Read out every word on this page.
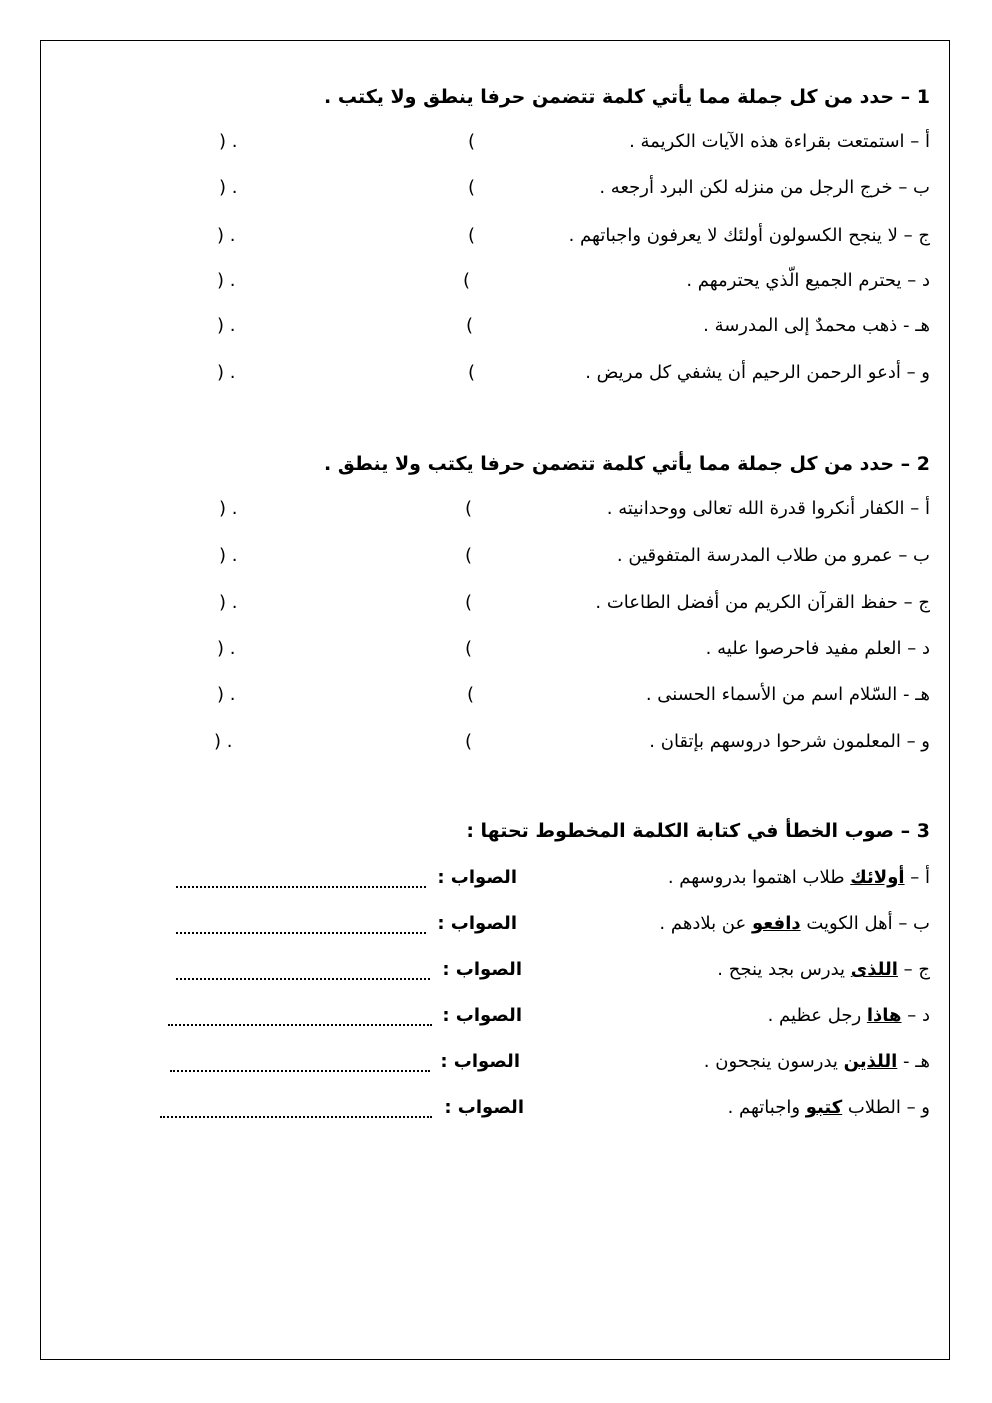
1 – حدد من كل جملة مما يأتي كلمة تتضمن حرفا ينطق ولا يكتب .
أ – استمتعت بقراءة هذه الآيات الكريمة .
(
) .
ب – خرج الرجل من منزله لكن البرد أرجعه .
(
) .
ج – لا ينجح الكسولون أولئك لا يعرفون واجباتهم .
(
) .
د – يحترم الجميع الّذي يحترمهم .
(
) .
هـ - ذهب محمدٌ إلى المدرسة .
(
) .
و – أدعو الرحمن الرحيم أن يشفي كل مريض .
(
) .
2 – حدد من كل جملة مما يأتي كلمة تتضمن حرفا يكتب ولا ينطق .
أ – الكفار أنكروا قدرة الله تعالى ووحدانيته .
(
) .
ب – عمرو من طلاب المدرسة المتفوقين .
(
) .
ج – حفظ القرآن الكريم من أفضل الطاعات .
(
) .
د – العلم مفيد فاحرصوا عليه .
(
) .
هـ - السّلام اسم من الأسماء الحسنى .
(
) .
و – المعلمون شرحوا دروسهم بإتقان .
(
) .
3 – صوب الخطأ في كتابة الكلمة المخطوط تحتها :
أ – أولائك طلاب اهتموا بدروسهم .
الصواب :
ب – أهل الكويت دافعو عن بلادهم .
الصواب :
ج – اللذى يدرس بجد ينجح .
الصواب :
د – هاذا رجل عظيم .
الصواب :
هـ - اللذين يدرسون ينجحون .
الصواب :
و – الطلاب كتبو واجباتهم .
الصواب :
